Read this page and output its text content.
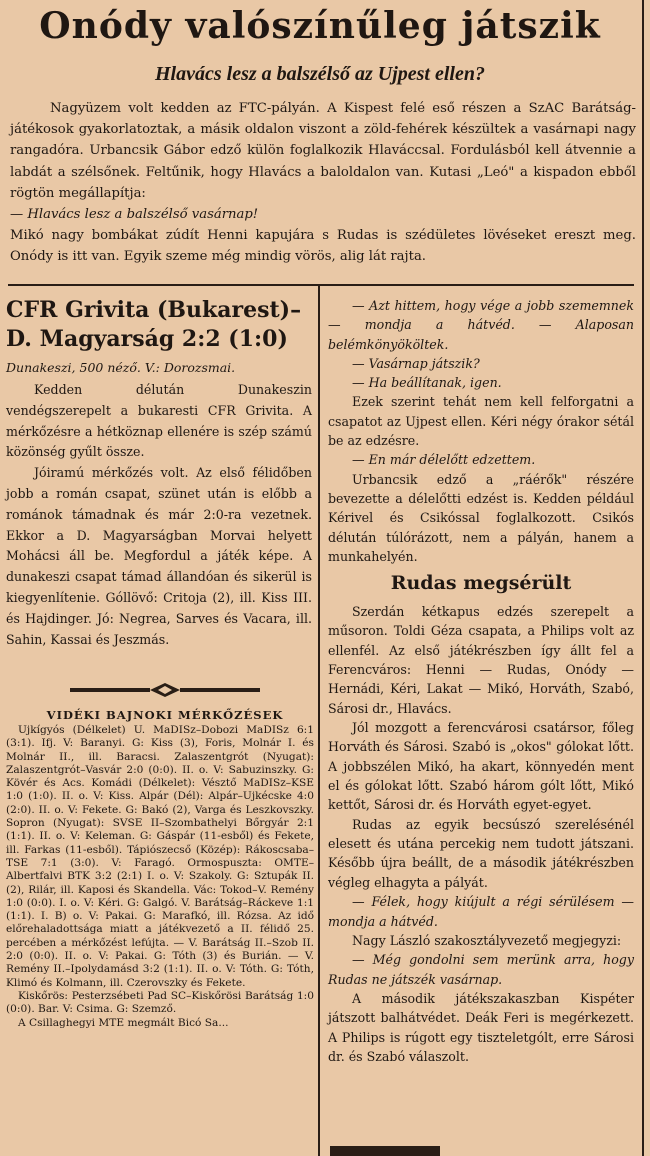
Onódy valószínűleg játszik
Hlavács lesz a balszélső az Ujpest ellen?
Nagyüzem volt kedden az FTC-pályán. A Kispest felé eső részen a SzAC Barátság-játékosok gyakorlatoztak, a másik oldalon viszont a zöld-fehérek készültek a vasárnapi nagy rangadóra. Urbancsik Gábor edző külön foglalkozik Hlaváccsal. Fordulásból kell átvennie a labdát a szélsőnek. Feltűnik, hogy Hlavács a baloldalon van. Kutasi „Leó" a kispadon ebből rögtön megállapítja:
— Hlavács lesz a balszélső vasárnap!
Mikó nagy bombákat zúdít Henni kapujára s Rudas is szédületes lövéseket ereszt meg. Onódy is itt van. Egyik szeme még mindig vörös, alig lát rajta.
CFR Grivita (Bukarest)–D. Magyarság 2:2 (1:0)
Dunakeszi, 500 néző. V.: Dorozsmai.

Kedden délután Dunakeszin vendégszerepelt a bukaresti CFR Grivita. A mérkőzésre a hétköznap ellenére is szép számú közönség gyűlt össze.

Jóiramú mérkőzés volt. Az első félidőben jobb a román csapat, szünet után is előbb a románok támadnak és már 2:0-ra vezetnek. Ekkor a D. Magyarságban Morvai helyett Mohácsi áll be. Megfordul a játék képe. A dunakeszi csapat támad állandóan és sikerül is kiegyenlítenie. Góllövő: Critoja (2), ill. Kiss III. és Hajdinger. Jó: Negrea, Sarves és Vacara, ill. Sahin, Kassai és Jeszmás.

VIDÉKI BAJNOKI MÉRKŐZÉSEK

Ujkígyós (Délkelet) U. MaDISz–Dobozi MaDISz 6:1 (3:1). Ifj. V: Baranyi. G: Kiss (3), Foris, Molnár I. és Molnár II., ill. Baracsi. Zalaszentgrót (Nyugat): Zalaszentgrót–Vasvár 2:0 (0:0). II. o. V: Sabuzinszky. G: Kövér és Acs. Komádi (Délkelet): Vésztő MaDISz–KSE 1:0 (1:0). II. o. V: Kiss. Alpár (Dél): Alpár–Ujkécske 4:0 (2:0). II. o. V: Fekete. G: Bakó (2), Varga és Leszkovszky. Sopron (Nyugat): SVSE II–Szombathelyi Bőrgyár 2:1 (1:1). II. o. V: Keleman. G: Gáspár (11-esből) és Fekete, ill. Farkas (11-esből). Tápiószecső (Közép): Rákoscsaba–TSE 7:1 (3:0). V: Faragó. Ormospuszta: OMTE–Albertfalvi BTK 3:2 (2:1) I. o. V: Szakoly. G: Sztupák II. (2), Rilár, ill. Kaposi és Skandella. Vác: Tokod–V. Remény 1:0 (0:0). I. o. V: Kéri. G: Galgó. V. Barátság–Ráckeve 1:1 (1:1). I. B) o. V: Pakai. G: Marafkó, ill. Rózsa. Az idő előrehaladottsága miatt a játékvezető a II. félidő 25. percében a mérkőzést lefújta. — V. Barátság II.–Szob II. 2:0 (0:0). II. o. V: Pakai. G: Tóth (3) és Burián. — V. Remény II.–Ipolydamásd 3:2 (1:1). II. o. V: Tóth. G: Tóth, Klimó és Kolmann, ill. Czerovszky és Fekete.

Kiskőrös: Pesterzsébeti Pad SC–Kiskőrösi Barátság 1:0 (0:0). Bar. V: Csima. G: Szemző.

A Csillaghegyi MTE megmált Bicó Sa...

— Azt hittem, hogy vége a jobb szememnek — mondja a hátvéd. — Alaposan belémkönyököltek.

— Vasárnap játszik?

— Ha beállítanak, igen.

Ezek szerint tehát nem kell felforgatni a csapatot az Ujpest ellen. Kéri négy órakor sétál be az edzésre.

— En már délelőtt edzettem.

Urbancsik edző a „ráérők" részére bevezette a délelőtti edzést is. Kedden például Kérivel és Csikóssal foglalkozott. Csikós délután túlórázott, nem a pályán, hanem a munkahelyén.

Rudas megsérült

Szerdán kétkapus edzés szerepelt a műsoron. Toldi Géza csapata, a Philips volt az ellenfél. Az első játékrészben így állt fel a Ferencváros: Henni — Rudas, Onódy — Hernádi, Kéri, Lakat — Mikó, Horváth, Szabó, Sárosi dr., Hlavács.

Jól mozgott a ferencvárosi csatársor, főleg Horváth és Sárosi. Szabó is „okos" gólokat lőtt. A jobbszélen Mikó, ha akart, könnyedén ment el és gólokat lőtt. Szabó három gólt lőtt, Mikó kettőt, Sárosi dr. és Horváth egyet-egyet.

Rudas az egyik becsúszó szerelésénél elesett és utána percekig nem tudott játszani. Később újra beállt, de a második játékrészben végleg elhagyta a pályát.

— Félek, hogy kiújult a régi sérülésem — mondja a hátvéd.

Nagy László szakosztályvezető megjegyzi:

— Még gondolni sem merünk arra, hogy Rudas ne játszék vasárnap.

A második játékszakaszban Kispéter játszott balhátvédet. Deák Feri is megérkezett. A Philips is rúgott egy tiszteletgólt, erre Sárosi dr. és Szabó válaszolt.
